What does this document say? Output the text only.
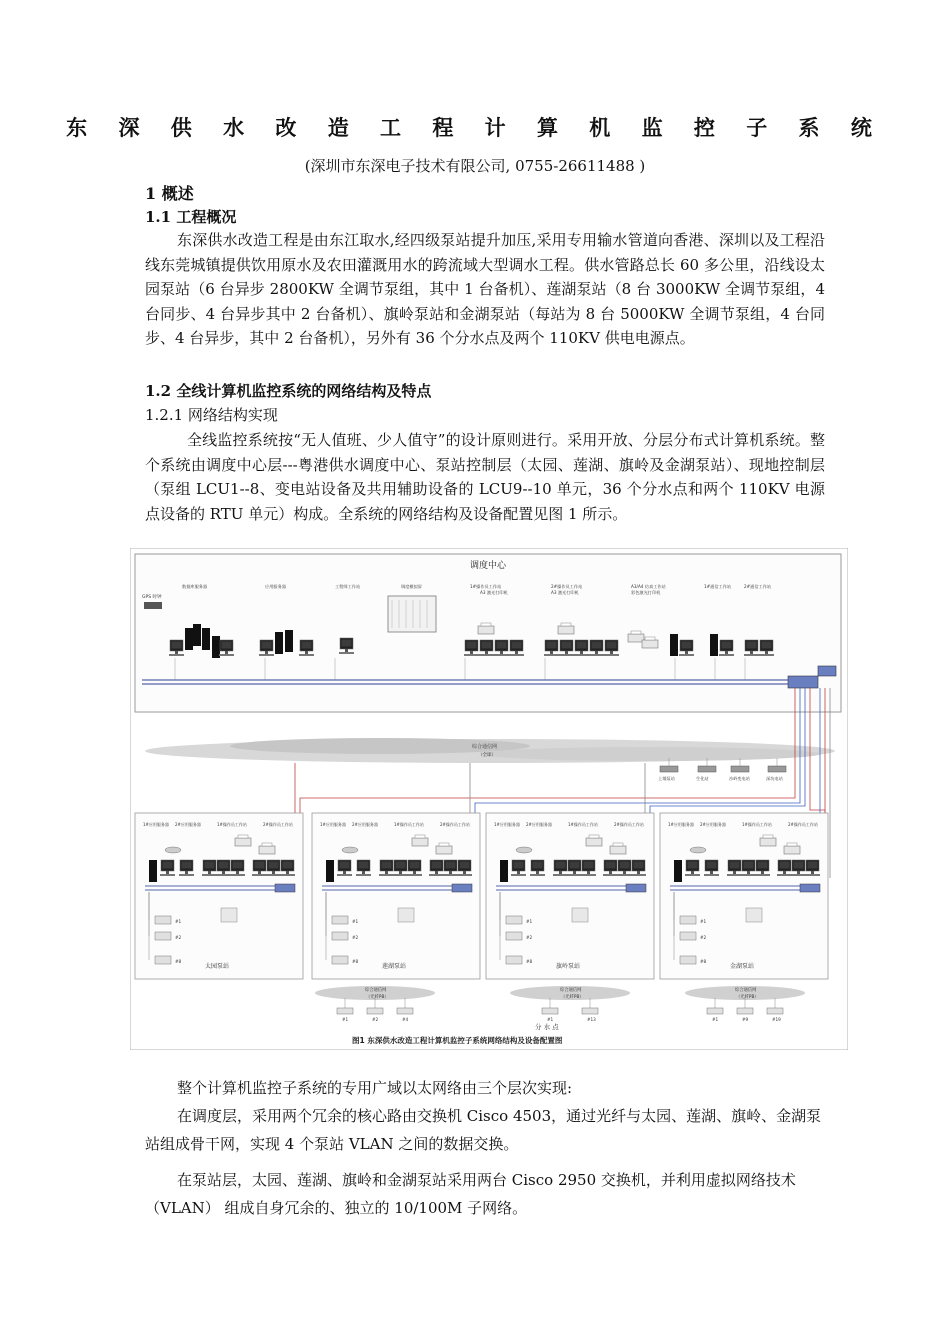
东 深 供 水 改 造 工 程 计 算 机 监 控 子 系 统
(深圳市东深电子技术有限公司, 0755-26611488 )
1 概述
1.1 工程概况

东深供水改造工程是由东江取水,经四级泵站提升加压,采用专用输水管道向香港、深圳以及工程沿线东莞城镇提供饮用原水及农田灌溉用水的跨流域大型调水工程。供水管路总长 60 多公里，沿线设太园泵站（6 台异步 2800KW 全调节泵组，其中 1 台备机）、莲湖泵站（8 台 3000KW 全调节泵组，4 台同步、4 台异步其中 2 台备机）、旗岭泵站和金湖泵站（每站为 8 台 5000KW 全调节泵组，4 台同步、4 台异步，其中 2 台备机），另外有 36 个分水点及两个 110KV 供电电源点。

1.2 全线计算机监控系统的网络结构及特点
1.2.1 网络结构实现

全线监控系统按“无人值班、少人值守”的设计原则进行。采用开放、分层分布式计算机系统。整个系统由调度中心层---粤港供水调度中心、泵站控制层（太园、莲湖、旗岭及金湖泵站）、现地控制层（泵组 LCU1--8、变电站设备及共用辅助设备的 LCU9--10 单元，36 个分水点和两个 110KV 电源点设备的 RTU 单元）构成。全系统的网络结构及设备配置见图 1 所示。

调度中心
GPS 时钟
数据库服务器	应用服务器	工程师工作站	调度模拟屏	1#操作员工作站	2#操作员工作站	A3/A4 仿真工作站	1#通信工作站	2#通信工作站
A3 激光打印机	A3 激光打印机	彩色激光打印机
综合通信网
（全球）
上埔泵站	生化站	沙岭变电站	深坑电站
1#应用服务器 2#应用服务器	1#操作员工作站	2#操作员工作站
#1
#2
#8
太园泵站
1#应用服务器 2#应用服务器	1#操作员工作站	2#操作员工作站
#1
#2
#8
莲湖泵站
1#应用服务器 2#应用服务器	1#操作员工作站	2#操作员工作站
#1
#2
#8
旗岭泵站
1#应用服务器 2#应用服务器	1#操作员工作站	2#操作员工作站
#1
#2
#8
金湖泵站
综合通信网
（光纤PB）
#1	#2	#4
综合通信网
（光纤PB）
#1	#13
综合通信网
（光纤PB）
#1	#9	#19
分 水 点
图1 东深供水改造工程计算机监控子系统网络结构及设备配置图

整个计算机监控子系统的专用广域以太网络由三个层次实现:

在调度层，采用两个冗余的核心路由交换机 Cisco 4503，通过光纤与太园、莲湖、旗岭、金湖泵站组成骨干网，实现 4 个泵站 VLAN 之间的数据交换。

在泵站层，太园、莲湖、旗岭和金湖泵站采用两台 Cisco 2950 交换机，并利用虚拟网络技术（VLAN） 组成自身冗余的、独立的 10/100M 子网络。
